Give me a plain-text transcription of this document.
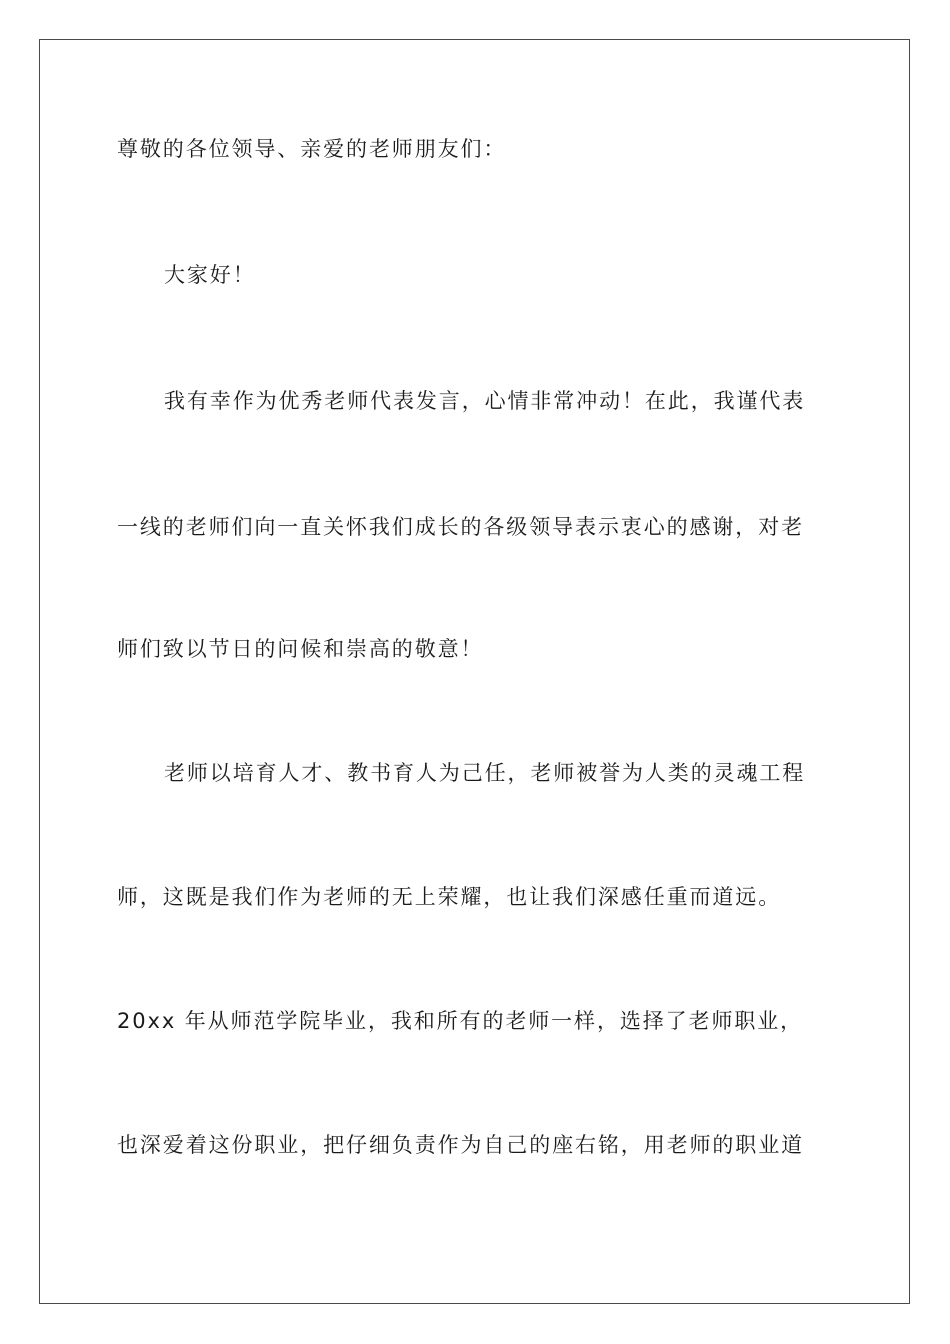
尊敬的各位领导、亲爱的老师朋友们：
大家好！
我有幸作为优秀老师代表发言，心情非常冲动！在此，我谨代表
一线的老师们向一直关怀我们成长的各级领导表示衷心的感谢，对老
师们致以节日的问候和崇高的敬意！
老师以培育人才、教书育人为己任，老师被誉为人类的灵魂工程
师，这既是我们作为老师的无上荣耀，也让我们深感任重而道远。
20xx 年从师范学院毕业，我和所有的老师一样，选择了老师职业，
也深爱着这份职业，把仔细负责作为自己的座右铭，用老师的职业道
